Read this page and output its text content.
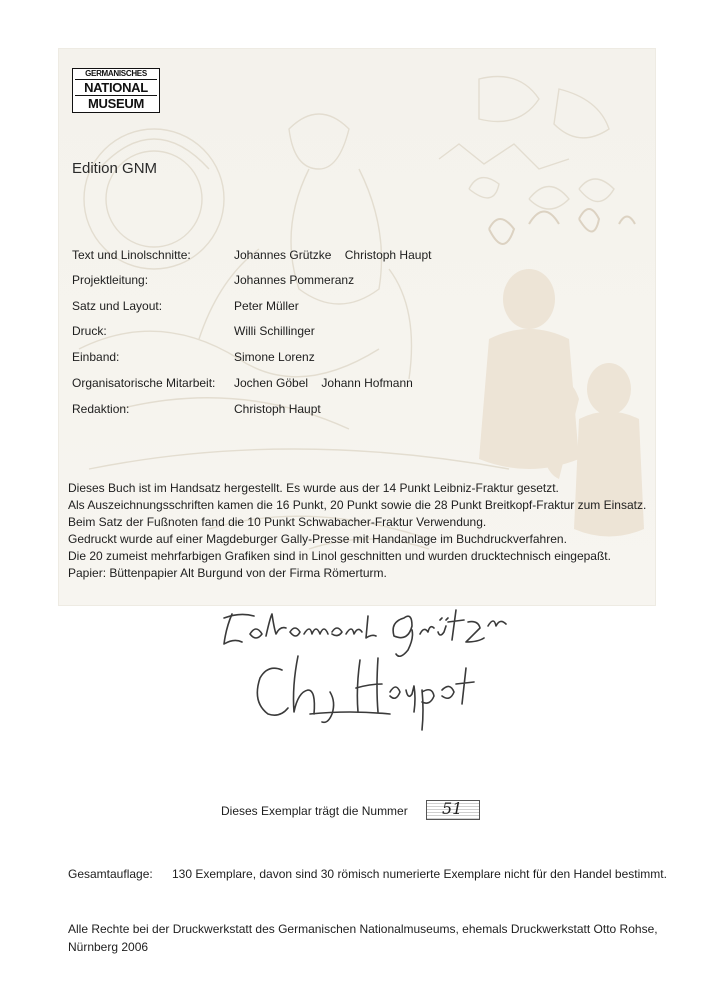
GERMANISCHES
NATIONAL
MUSEUM
Edition GNM
Text und Linolschnitte:	Johannes Grützke Christoph Haupt
Projektleitung:	Johannes Pommeranz
Satz und Layout:	Peter Müller
Druck:	Willi Schillinger
Einband:	Simone Lorenz
Organisatorische Mitarbeit: Jochen Göbel Johann Hofmann
Redaktion:	Christoph Haupt
Dieses Buch ist im Handsatz hergestellt. Es wurde aus der 14 Punkt Leibniz-Fraktur gesetzt.
Als Auszeichnungsschriften kamen die 16 Punkt, 20 Punkt sowie die 28 Punkt Breitkopf-Fraktur zum Einsatz.
Beim Satz der Fußnoten fand die 10 Punkt Schwabacher-Fraktur Verwendung.
Gedruckt wurde auf einer Magdeburger Gally-Presse mit Handanlage im Buchdruckverfahren.
Die 20 zumeist mehrfarbigen Grafiken sind in Linol geschnitten und wurden drucktechnisch eingepaßt.
Papier: Büttenpapier Alt Burgund von der Firma Römerturm.
Dieses Exemplar trägt die Nummer 51
Gesamtauflage: 130 Exemplare, davon sind 30 römisch numerierte Exemplare nicht für den Handel bestimmt.
Alle Rechte bei der Druckwerkstatt des Germanischen Nationalmuseums, ehemals Druckwerkstatt Otto Rohse,
Nürnberg 2006
